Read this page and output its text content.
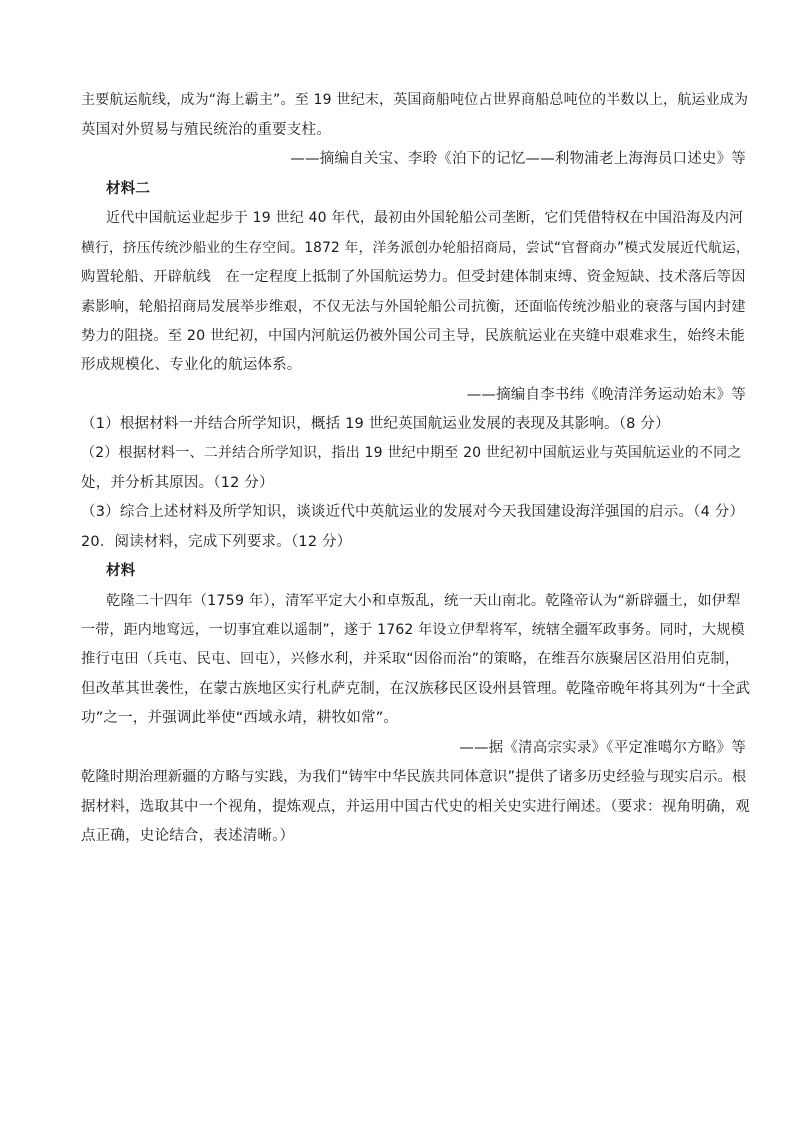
主要航运航线，成为“海上霸主”。至 19 世纪末，英国商船吨位占世界商船总吨位的半数以上，航运业成为
英国对外贸易与殖民统治的重要支柱。
——摘编自关宝、李聆《泊下的记忆——利物浦老上海海员口述史》等
材料二
近代中国航运业起步于 19 世纪 40 年代，最初由外国轮船公司垄断，它们凭借特权在中国沿海及内河
横行，挤压传统沙船业的生存空间。1872 年，洋务派创办轮船招商局，尝试“官督商办”模式发展近代航运，
购置轮船、开辟航线　在一定程度上抵制了外国航运势力。但受封建体制束缚、资金短缺、技术落后等因
素影响，轮船招商局发展举步维艰，不仅无法与外国轮船公司抗衡，还面临传统沙船业的衰落与国内封建
势力的阻挠。至 20 世纪初，中国内河航运仍被外国公司主导，民族航运业在夹缝中艰难求生，始终未能
形成规模化、专业化的航运体系。
——摘编自李书纬《晚清洋务运动始末》等
（1）根据材料一并结合所学知识，概括 19 世纪英国航运业发展的表现及其影响。（8 分）
（2）根据材料一、二并结合所学知识，指出 19 世纪中期至 20 世纪初中国航运业与英国航运业的不同之
处，并分析其原因。（12 分）
（3）综合上述材料及所学知识，谈谈近代中英航运业的发展对今天我国建设海洋强国的启示。（4 分）
20．阅读材料，完成下列要求。（12 分）
材料
乾隆二十四年（1759 年），清军平定大小和卓叛乱，统一天山南北。乾隆帝认为“新辟疆土，如伊犁
一带，距内地窎远，一切事宜难以遥制”，遂于 1762 年设立伊犁将军，统辖全疆军政事务。同时，大规模
推行屯田（兵屯、民屯、回屯），兴修水利，并采取“因俗而治”的策略，在维吾尔族聚居区沿用伯克制，
但改革其世袭性，在蒙古族地区实行札萨克制，在汉族移民区设州县管理。乾隆帝晚年将其列为“十全武
功”之一，并强调此举使“西域永靖，耕牧如常”。
——据《清高宗实录》《平定准噶尔方略》等
乾隆时期治理新疆的方略与实践，为我们“铸牢中华民族共同体意识”提供了诸多历史经验与现实启示。根
据材料，选取其中一个视角，提炼观点，并运用中国古代史的相关史实进行阐述。（要求：视角明确，观
点正确，史论结合，表述清晰。）
